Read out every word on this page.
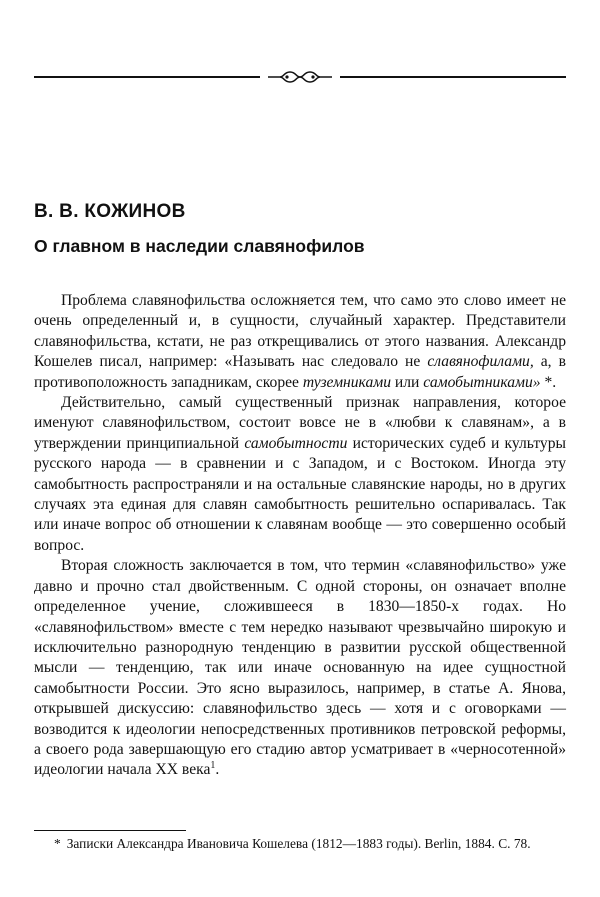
В. В. КОЖИНОВ
О главном в наследии славянофилов

Проблема славянофильства осложняется тем, что само это слово имеет не очень определенный и, в сущности, случайный характер. Представители славянофильства, кстати, не раз открещивались от этого названия. Александр Кошелев писал, например: «Называть нас следовало не славянофилами, а, в противоположность западникам, скорее туземниками или самобытниками» *.

Действительно, самый существенный признак направления, которое именуют славянофильством, состоит вовсе не в «любви к славянам», а в утверждении принципиальной самобытности исторических судеб и культуры русского народа — в сравнении и с Западом, и с Востоком. Иногда эту самобытность распространяли и на остальные славянские народы, но в других случаях эта единая для славян самобытность решительно оспаривалась. Так или иначе вопрос об отношении к славянам вообще — это совершенно особый вопрос.

Вторая сложность заключается в том, что термин «славянофильство» уже давно и прочно стал двойственным. С одной стороны, он означает вполне определенное учение, сложившееся в 1830—1850-х годах. Но «славянофильством» вместе с тем нередко называют чрезвычайно широкую и исключительно разнородную тенденцию в развитии русской общественной мысли — тенденцию, так или иначе основанную на идее сущностной самобытности России. Это ясно выразилось, например, в статье А. Янова, открывшей дискуссию: славянофильство здесь — хотя и с оговорками — возводится к идеологии непосредственных противников петровской реформы, а своего рода завершающую его стадию автор усматривает в «черносотенной» идеологии начала XX века$^1$.

* Записки Александра Ивановича Кошелева (1812—1883 годы). Berlin, 1884. С. 78.
